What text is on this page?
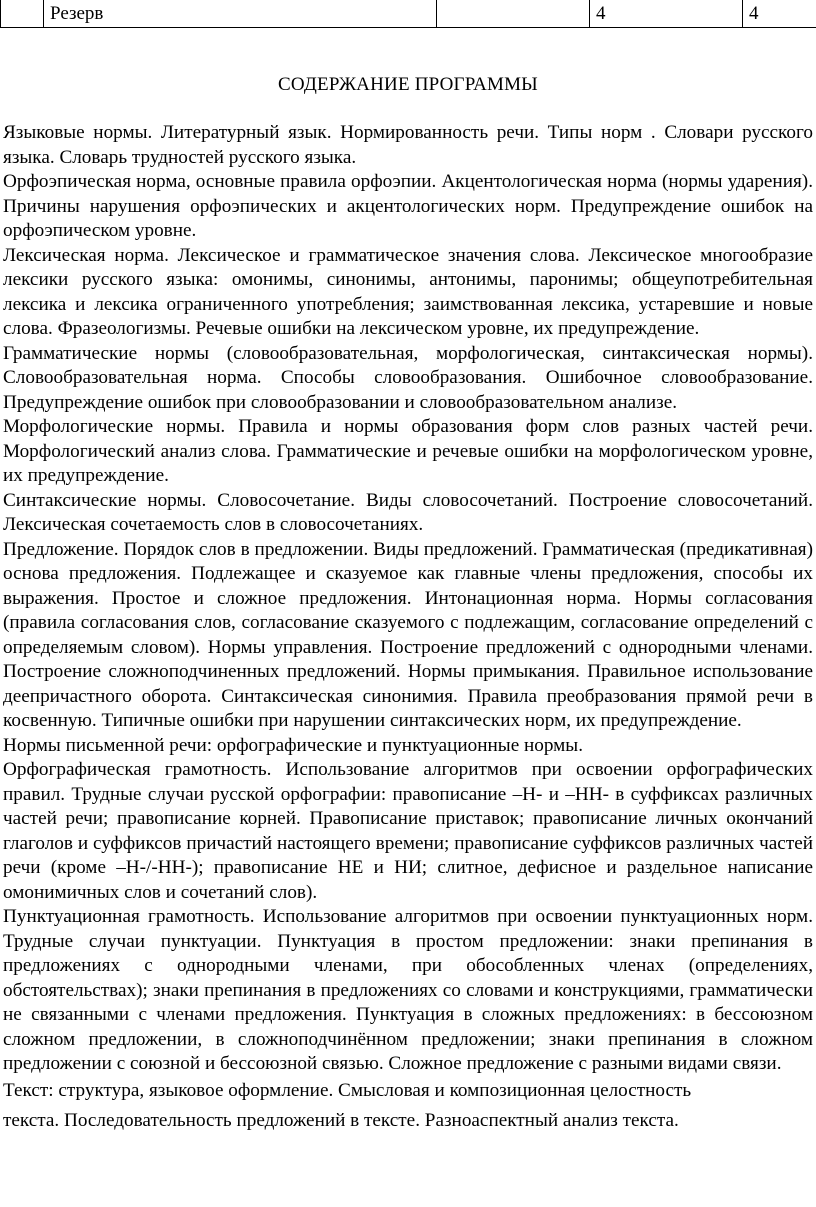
	Резерв		4	4
СОДЕРЖАНИЕ ПРОГРАММЫ

Языковые нормы. Литературный язык. Нормированность речи. Типы норм . Словари русского языка. Словарь трудностей русского языка.

Орфоэпическая норма, основные правила орфоэпии. Акцентологическая норма (нормы ударения). Причины нарушения орфоэпических и акцентологических норм. Предупреждение ошибок на орфоэпическом уровне.

Лексическая норма. Лексическое и грамматическое значения слова. Лексическое многообразие лексики русского языка: омонимы, синонимы, антонимы, паронимы; общеупотребительная лексика и лексика ограниченного употребления; заимствованная лексика, устаревшие и новые слова. Фразеологизмы. Речевые ошибки на лексическом уровне, их предупреждение.

Грамматические нормы (словообразовательная, морфологическая, синтаксическая нормы). Словообразовательная норма. Способы словообразования. Ошибочное словообразование. Предупреждение ошибок при словообразовании и словообразовательном анализе.

Морфологические нормы. Правила и нормы образования форм слов разных частей речи. Морфологический анализ слова. Грамматические и речевые ошибки на морфологическом уровне, их предупреждение.

Синтаксические нормы. Словосочетание. Виды словосочетаний. Построение словосочетаний. Лексическая сочетаемость слов в словосочетаниях.

Предложение. Порядок слов в предложении. Виды предложений. Грамматическая (предикативная) основа предложения. Подлежащее и сказуемое как главные члены предложения, способы их выражения. Простое и сложное предложения. Интонационная норма. Нормы согласования (правила согласования слов, согласование сказуемого с подлежащим, согласование определений с определяемым словом). Нормы управления. Построение предложений с однородными членами. Построение сложноподчиненных предложений. Нормы примыкания. Правильное использование деепричастного оборота. Синтаксическая синонимия. Правила преобразования прямой речи в косвенную. Типичные ошибки при нарушении синтаксических норм, их предупреждение.

Нормы письменной речи: орфографические и пунктуационные нормы.

Орфографическая грамотность. Использование алгоритмов при освоении орфографических правил. Трудные случаи русской орфографии: правописание –Н- и –НН- в суффиксах различных частей речи; правописание корней. Правописание приставок; правописание личных окончаний глаголов и суффиксов причастий настоящего времени; правописание суффиксов различных частей речи (кроме –Н-/-НН-); правописание НЕ и НИ; слитное, дефисное и раздельное написание омонимичных слов и сочетаний слов).

Пунктуационная грамотность. Использование алгоритмов при освоении пунктуационных норм. Трудные случаи пунктуации. Пунктуация в простом предложении: знаки препинания в предложениях с однородными членами, при обособленных членах (определениях, обстоятельствах); знаки препинания в предложениях со словами и конструкциями, грамматически не связанными с членами предложения. Пунктуация в сложных предложениях: в бессоюзном сложном предложении, в сложноподчинённом предложении; знаки препинания в сложном предложении с союзной и бессоюзной связью. Сложное предложение с разными видами связи.

Текст: структура, языковое оформление. Смысловая и композиционная целостность

текста. Последовательность предложений в тексте. Разноаспектный анализ текста.
